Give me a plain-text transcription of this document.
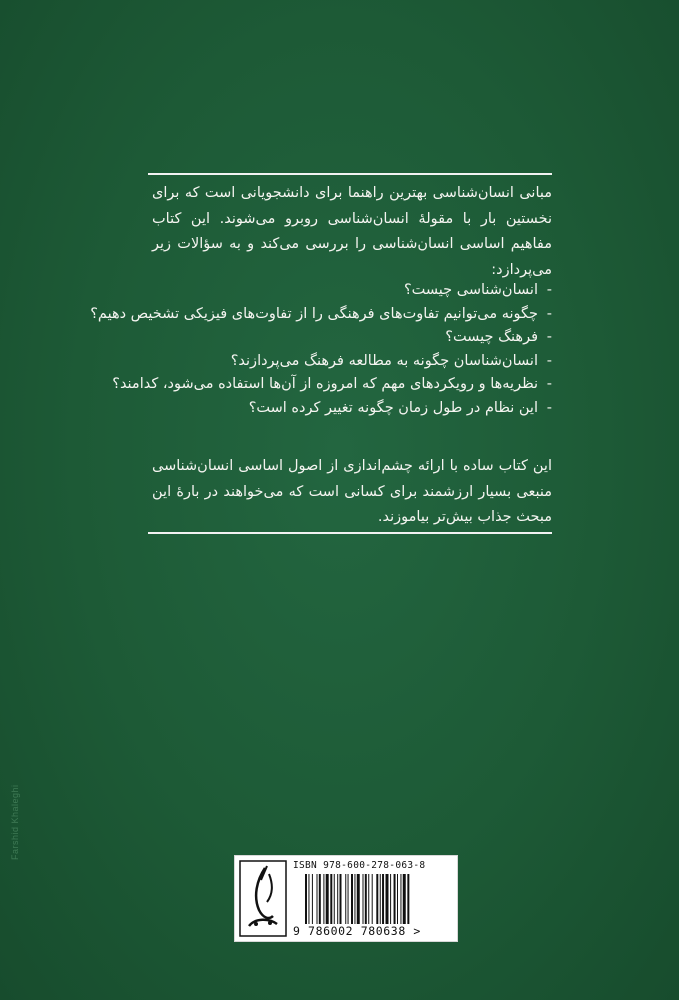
مبانی انسان‌شناسی بهترین راهنما برای دانشجویانی است که برای نخستین بار با مقولهٔ انسان‌شناسی روبرو می‌شوند. این کتاب مفاهیم اساسی انسان‌شناسی را بررسی می‌کند و به سؤالات زیر می‌پردازد:

-
انسان‌شناسی چیست؟
-
چگونه می‌توانیم تفاوت‌های فرهنگی را از تفاوت‌های فیزیکی تشخیص دهیم؟
-
فرهنگ چیست؟
-
انسان‌شناسان چگونه به مطالعه فرهنگ می‌پردازند؟
-
نظریه‌ها و رویکردهای مهم که امروزه از آن‌ها استفاده می‌شود، کدامند؟
-
این نظام در طول زمان چگونه تغییر کرده است؟

این کتاب ساده با ارائه چشم‌اندازی از اصول اساسی انسان‌شناسی منبعی بسیار ارزشمند برای کسانی است که می‌خواهند در بارهٔ این مبحث جذاب بیش‌تر بیاموزند.

Farshid Khaleghi
ISBN 978-600-278-063-8
9 786002 780638 >
